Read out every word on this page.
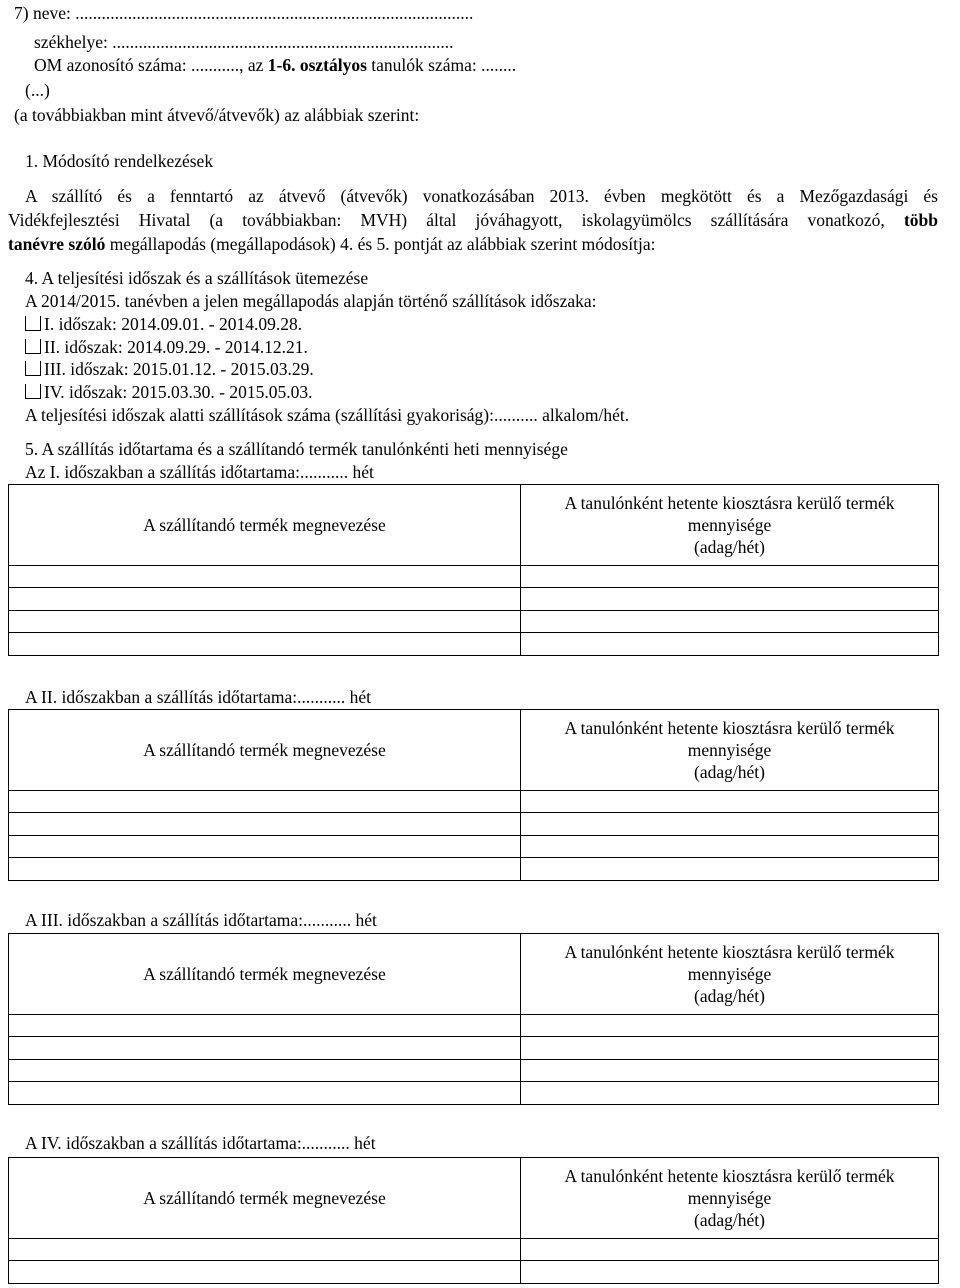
7) neve: ...........................................................................................
székhelye: ..............................................................................
OM azonosító száma: ..........., az 1-6. osztályos tanulók száma: ........
(...)
(a továbbiakban mint átvevő/átvevők) az alábbiak szerint:
1. Módosító rendelkezések
A szállító és a fenntartó az átvevő (átvevők) vonatkozásában 2013. évben megkötött és a Mezőgazdasági és
Vidékfejlesztési Hivatal (a továbbiakban: MVH) által jóváhagyott, iskolagyümölcs szállítására vonatkozó, több
tanévre szóló megállapodás (megállapodások) 4. és 5. pontját az alábbiak szerint módosítja:
4. A teljesítési időszak és a szállítások ütemezése
A 2014/2015. tanévben a jelen megállapodás alapján történő szállítások időszaka:
I. időszak: 2014.09.01. - 2014.09.28.
II. időszak: 2014.09.29. - 2014.12.21.
III. időszak: 2015.01.12. - 2015.03.29.
IV. időszak: 2015.03.30. - 2015.05.03.
A teljesítési időszak alatti szállítások száma (szállítási gyakoriság):.......... alkalom/hét.
5. A szállítás időtartama és a szállítandó termék tanulónkénti heti mennyisége
Az I. időszakban a szállítás időtartama:........... hét
A szállítandó termék megnevezése	A tanulónként hetente kiosztásra kerülő termék
mennyisége
(adag/hét)

A II. időszakban a szállítás időtartama:........... hét
A szállítandó termék megnevezése	A tanulónként hetente kiosztásra kerülő termék
mennyisége
(adag/hét)

A III. időszakban a szállítás időtartama:........... hét
A szállítandó termék megnevezése	A tanulónként hetente kiosztásra kerülő termék
mennyisége
(adag/hét)

A IV. időszakban a szállítás időtartama:........... hét
A szállítandó termék megnevezése	A tanulónként hetente kiosztásra kerülő termék
mennyisége
(adag/hét)
